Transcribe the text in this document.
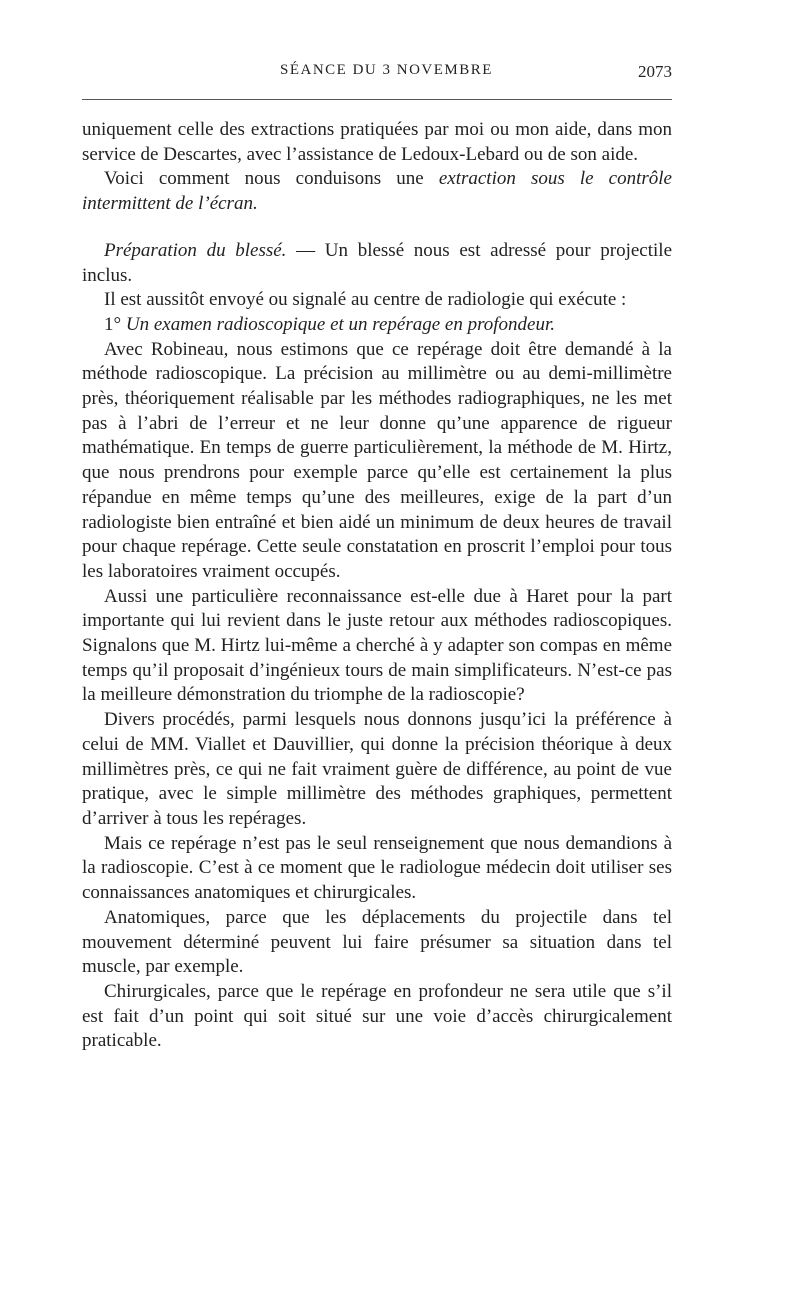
SÉANCE DU 3 NOVEMBRE	2073

uniquement celle des extractions pratiquées par moi ou mon aide, dans mon service de Descartes, avec l’assistance de Ledoux-Lebard ou de son aide.

Voici comment nous conduisons une extraction sous le contrôle intermittent de l’écran.

Préparation du blessé. — Un blessé nous est adressé pour projectile inclus.

Il est aussitôt envoyé ou signalé au centre de radiologie qui exécute :

1° Un examen radioscopique et un repérage en profondeur.

Avec Robineau, nous estimons que ce repérage doit être demandé à la méthode radioscopique. La précision au millimètre ou au demi-millimètre près, théoriquement réalisable par les méthodes radiographiques, ne les met pas à l’abri de l’erreur et ne leur donne qu’une apparence de rigueur mathématique. En temps de guerre particulièrement, la méthode de M. Hirtz, que nous prendrons pour exemple parce qu’elle est certainement la plus répandue en même temps qu’une des meilleures, exige de la part d’un radiologiste bien entraîné et bien aidé un minimum de deux heures de travail pour chaque repérage. Cette seule constatation en proscrit l’emploi pour tous les laboratoires vraiment occupés.

Aussi une particulière reconnaissance est-elle due à Haret pour la part importante qui lui revient dans le juste retour aux méthodes radioscopiques. Signalons que M. Hirtz lui-même a cherché à y adapter son compas en même temps qu’il proposait d’ingénieux tours de main simplificateurs. N’est-ce pas la meilleure démonstration du triomphe de la radioscopie?

Divers procédés, parmi lesquels nous donnons jusqu’ici la préférence à celui de MM. Viallet et Dauvillier, qui donne la précision théorique à deux millimètres près, ce qui ne fait vraiment guère de différence, au point de vue pratique, avec le simple millimètre des méthodes graphiques, permettent d’arriver à tous les repérages.

Mais ce repérage n’est pas le seul renseignement que nous demandions à la radioscopie. C’est à ce moment que le radiologue médecin doit utiliser ses connaissances anatomiques et chirurgicales.

Anatomiques, parce que les déplacements du projectile dans tel mouvement déterminé peuvent lui faire présumer sa situation dans tel muscle, par exemple.

Chirurgicales, parce que le repérage en profondeur ne sera utile que s’il est fait d’un point qui soit situé sur une voie d’accès chirurgicalement praticable.
